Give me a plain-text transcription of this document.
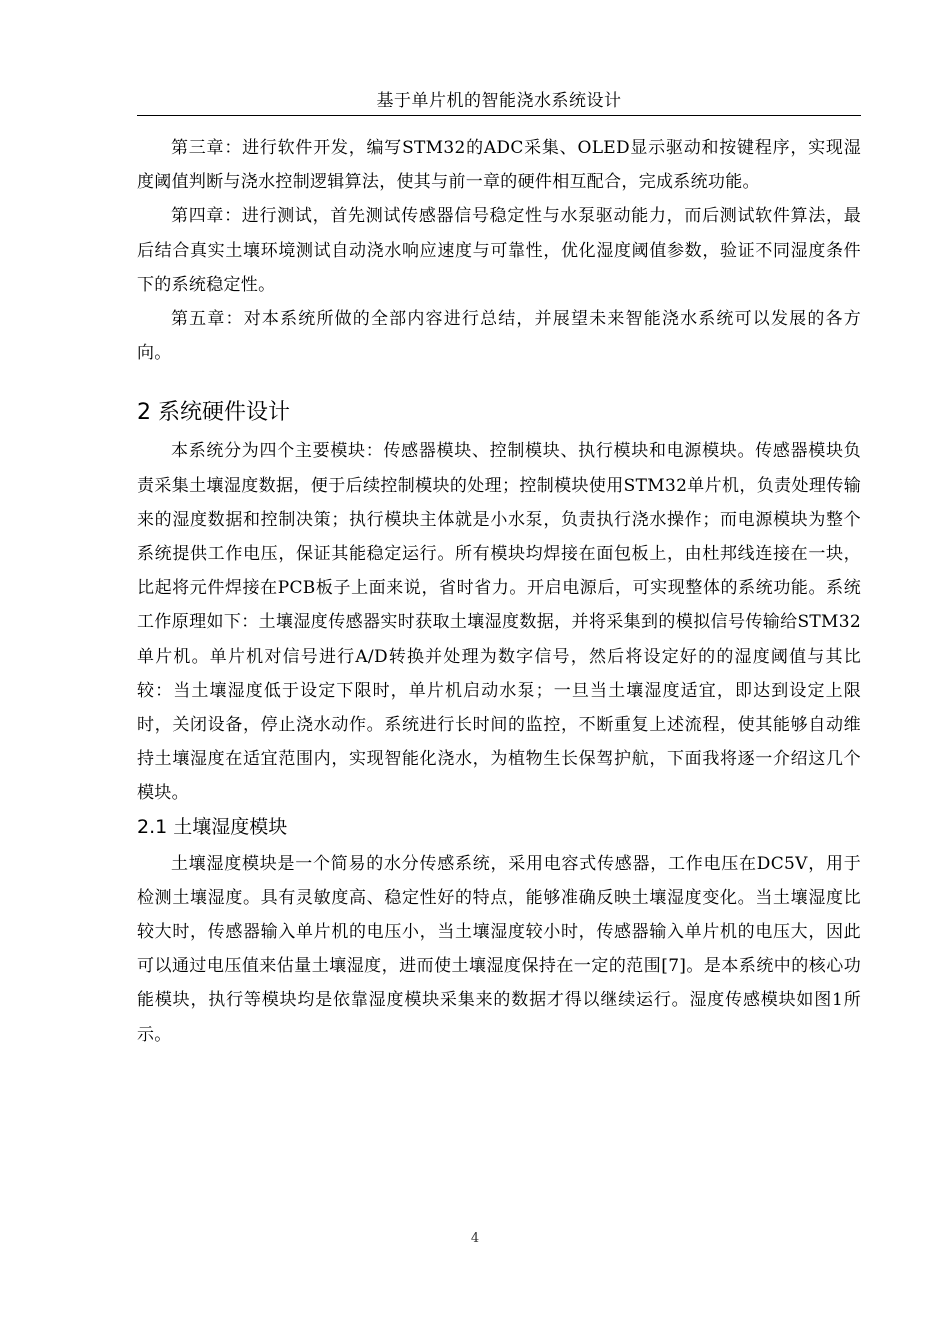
基于单片机的智能浇水系统设计

第三章：进行软件开发，编写STM32的ADC采集、OLED显示驱动和按键程序，实现湿度阈值判断与浇水控制逻辑算法，使其与前一章的硬件相互配合，完成系统功能。

第四章：进行测试，首先测试传感器信号稳定性与水泵驱动能力，而后测试软件算法，最后结合真实土壤环境测试自动浇水响应速度与可靠性，优化湿度阈值参数，验证不同湿度条件下的系统稳定性。

第五章：对本系统所做的全部内容进行总结，并展望未来智能浇水系统可以发展的各方向。

2 系统硬件设计

本系统分为四个主要模块：传感器模块、控制模块、执行模块和电源模块。传感器模块负责采集土壤湿度数据，便于后续控制模块的处理；控制模块使用STM32单片机，负责处理传输来的湿度数据和控制决策；执行模块主体就是小水泵，负责执行浇水操作；而电源模块为整个系统提供工作电压，保证其能稳定运行。所有模块均焊接在面包板上，由杜邦线连接在一块，比起将元件焊接在PCB板子上面来说，省时省力。开启电源后，可实现整体的系统功能。系统工作原理如下：土壤湿度传感器实时获取土壤湿度数据，并将采集到的模拟信号传输给STM32单片机。单片机对信号进行A/D转换并处理为数字信号，然后将设定好的的湿度阈值与其比较：当土壤湿度低于设定下限时，单片机启动水泵；一旦当土壤湿度适宜，即达到设定上限时，关闭设备，停止浇水动作。系统进行长时间的监控，不断重复上述流程，使其能够自动维持土壤湿度在适宜范围内，实现智能化浇水，为植物生长保驾护航，下面我将逐一介绍这几个模块。

2.1 土壤湿度模块

土壤湿度模块是一个简易的水分传感系统，采用电容式传感器，工作电压在DC5V，用于检测土壤湿度。具有灵敏度高、稳定性好的特点，能够准确反映土壤湿度变化。当土壤湿度比较大时，传感器输入单片机的电压小，当土壤湿度较小时，传感器输入单片机的电压大，因此可以通过电压值来估量土壤湿度，进而使土壤湿度保持在一定的范围[7]。是本系统中的核心功能模块，执行等模块均是依靠湿度模块采集来的数据才得以继续运行。湿度传感模块如图1所示。

4
